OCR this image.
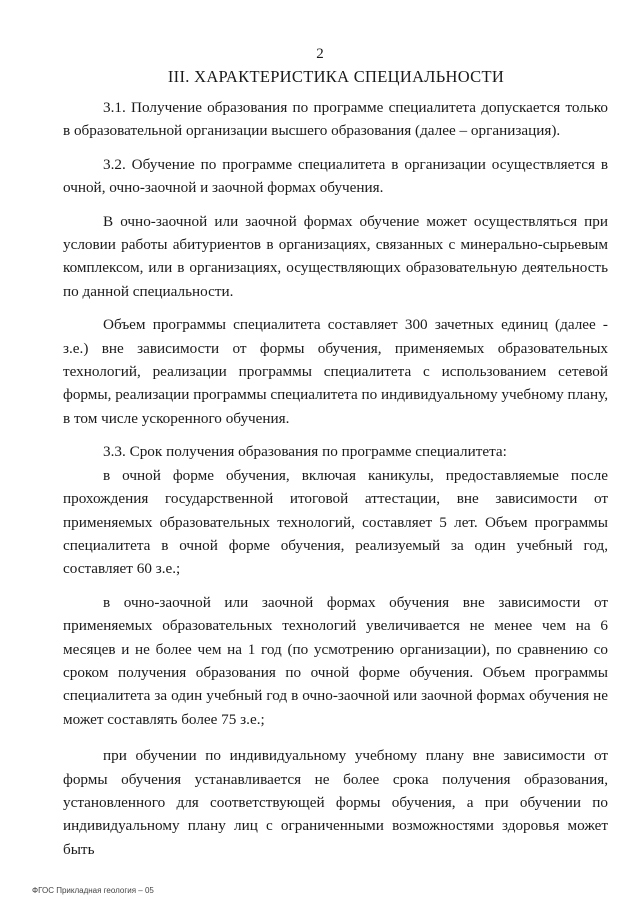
2
III. ХАРАКТЕРИСТИКА СПЕЦИАЛЬНОСТИ

3.1. Получение образования по программе специалитета допускается только в образовательной организации высшего образования (далее – организация).

3.2. Обучение по программе специалитета в организации осуществляется в очной, очно-заочной и заочной формах обучения.

В очно-заочной или заочной формах обучение может осуществляться при условии работы абитуриентов в организациях, связанных с минерально-сырьевым комплексом, или в организациях, осуществляющих образовательную деятельность по данной специальности.

Объем программы специалитета составляет 300 зачетных единиц (далее - з.е.) вне зависимости от формы обучения, применяемых образовательных технологий, реализации программы специалитета с использованием сетевой формы, реализации программы специалитета по индивидуальному учебному плану, в том числе ускоренного обучения.

3.3. Срок получения образования по программе специалитета:

в очной форме обучения, включая каникулы, предоставляемые после прохождения государственной итоговой аттестации, вне зависимости от применяемых образовательных технологий, составляет 5 лет. Объем программы специалитета в очной форме обучения, реализуемый за один учебный год, составляет 60 з.е.;

в очно-заочной или заочной формах обучения вне зависимости от применяемых образовательных технологий увеличивается не менее чем на 6 месяцев и не более чем на 1 год (по усмотрению организации), по сравнению со сроком получения образования по очной форме обучения. Объем программы специалитета за один учебный год в очно-заочной или заочной формах обучения не может составлять более 75 з.е.;

при обучении по индивидуальному учебному плану вне зависимости от формы обучения устанавливается не более срока получения образования, установленного для соответствующей формы обучения, а при обучении по индивидуальному плану лиц с ограниченными возможностями здоровья может быть

ФГОС Прикладная геология – 05
